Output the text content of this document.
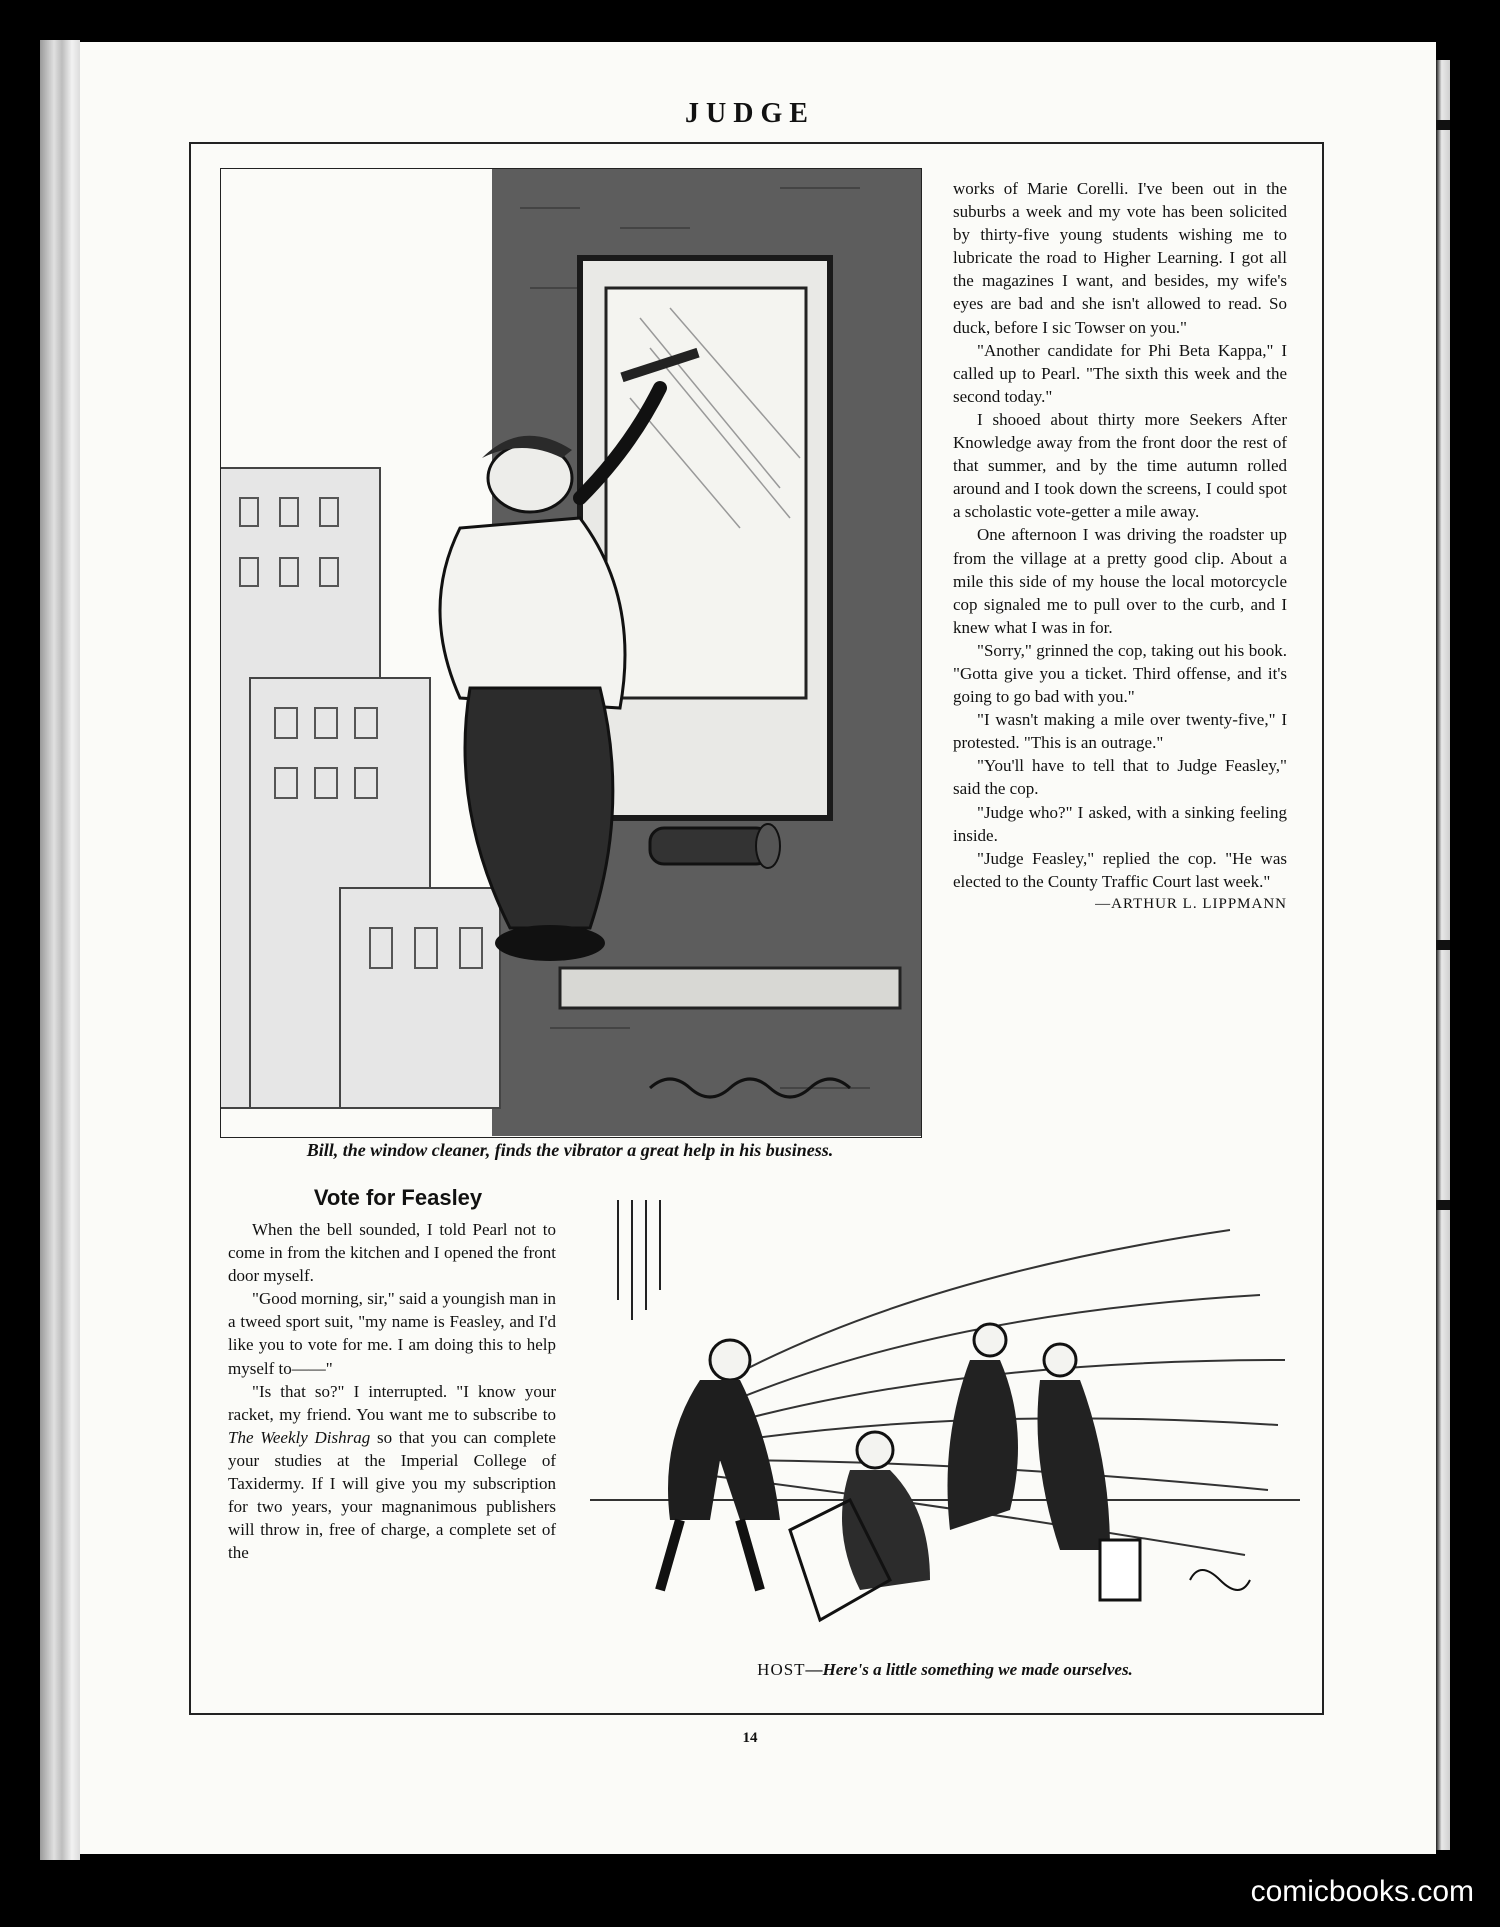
JUDGE
Bill, the window cleaner, finds the vibrator a great help in his business.

works of Marie Corelli. I've been out in the suburbs a week and my vote has been solicited by thirty-five young students wishing me to lubricate the road to Higher Learning. I got all the magazines I want, and besides, my wife's eyes are bad and she isn't allowed to read. So duck, before I sic Towser on you."

"Another candidate for Phi Beta Kappa," I called up to Pearl. "The sixth this week and the second today."

I shooed about thirty more Seekers After Knowledge away from the front door the rest of that summer, and by the time autumn rolled around and I took down the screens, I could spot a scholastic vote-getter a mile away.

One afternoon I was driving the roadster up from the village at a pretty good clip. About a mile this side of my house the local motorcycle cop signaled me to pull over to the curb, and I knew what I was in for.

"Sorry," grinned the cop, taking out his book. "Gotta give you a ticket. Third offense, and it's going to go bad with you."

"I wasn't making a mile over twenty-five," I protested. "This is an outrage."

"You'll have to tell that to Judge Feasley," said the cop.

"Judge who?" I asked, with a sinking feeling inside.

"Judge Feasley," replied the cop. "He was elected to the County Traffic Court last week."

—ARTHUR L. LIPPMANN
Vote for Feasley

When the bell sounded, I told Pearl not to come in from the kitchen and I opened the front door myself.

"Good morning, sir," said a youngish man in a tweed sport suit, "my name is Feasley, and I'd like you to vote for me. I am doing this to help myself to——"

"Is that so?" I interrupted. "I know your racket, my friend. You want me to subscribe to The Weekly Dishrag so that you can complete your studies at the Imperial College of Taxidermy. If I will give you my subscription for two years, your magnanimous publishers will throw in, free of charge, a complete set of the

HOST—Here's a little something we made ourselves.
14
comicbooks.com
